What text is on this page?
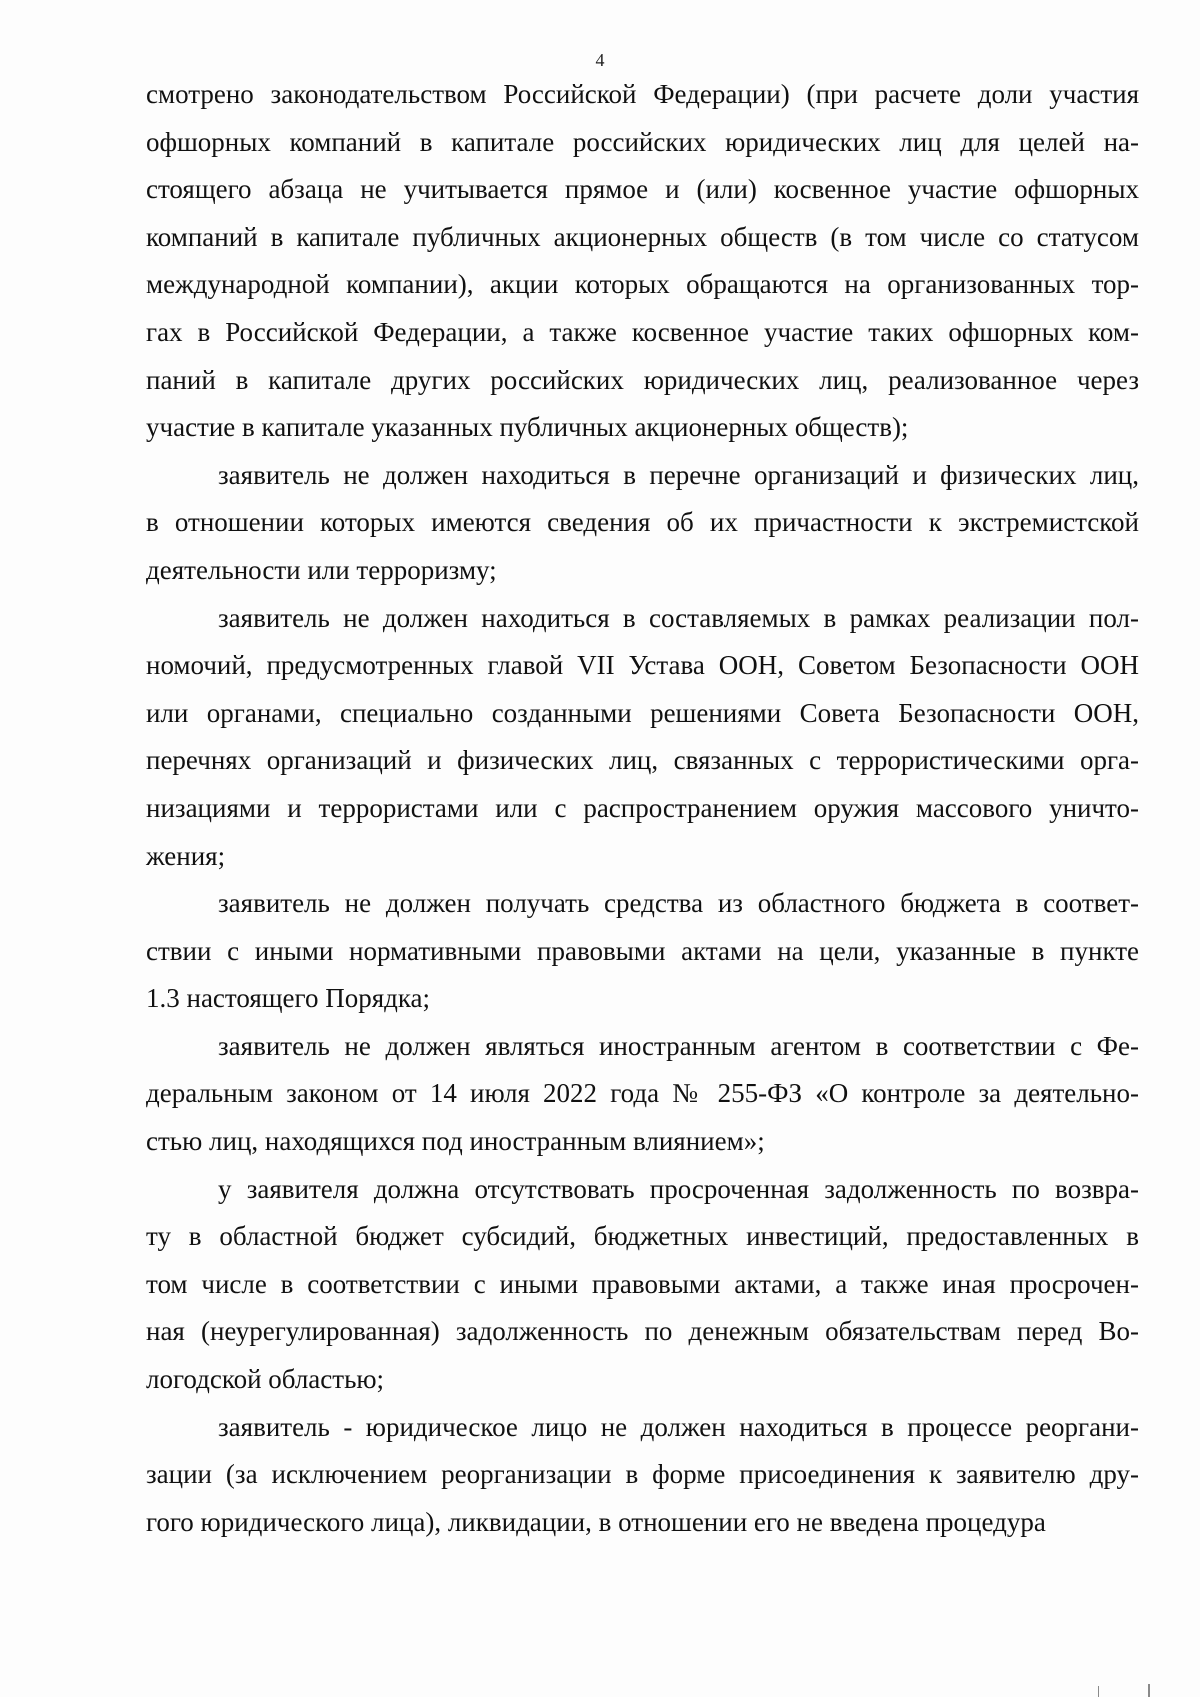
4
смотрено законодательством Российской Федерации) (при расчете доли участия
офшорных компаний в капитале российских юридических лиц для целей на-
стоящего абзаца не учитывается прямое и (или) косвенное участие офшорных
компаний в капитале публичных акционерных обществ (в том числе со статусом
международной компании), акции которых обращаются на организованных тор-
гах в Российской Федерации, а также косвенное участие таких офшорных ком-
паний в капитале других российских юридических лиц, реализованное через
участие в капитале указанных публичных акционерных обществ);
заявитель не должен находиться в перечне организаций и физических лиц,
в отношении которых имеются сведения об их причастности к экстремистской
деятельности или терроризму;
заявитель не должен находиться в составляемых в рамках реализации пол-
номочий, предусмотренных главой VII Устава ООН, Советом Безопасности ООН
или органами, специально созданными решениями Совета Безопасности ООН,
перечнях организаций и физических лиц, связанных с террористическими орга-
низациями и террористами или с распространением оружия массового уничто-
жения;
заявитель не должен получать средства из областного бюджета в соответ-
ствии с иными нормативными правовыми актами на цели, указанные в пункте
1.3 настоящего Порядка;
заявитель не должен являться иностранным агентом в соответствии с Фе-
деральным законом от 14 июля 2022 года № 255-ФЗ «О контроле за деятельно-
стью лиц, находящихся под иностранным влиянием»;
у заявителя должна отсутствовать просроченная задолженность по возвра-
ту в областной бюджет субсидий, бюджетных инвестиций, предоставленных в
том числе в соответствии с иными правовыми актами, а также иная просрочен-
ная (неурегулированная) задолженность по денежным обязательствам перед Во-
логодской областью;
заявитель - юридическое лицо не должен находиться в процессе реоргани-
зации (за исключением реорганизации в форме присоединения к заявителю дру-
гого юридического лица), ликвидации, в отношении его не введена процедура
